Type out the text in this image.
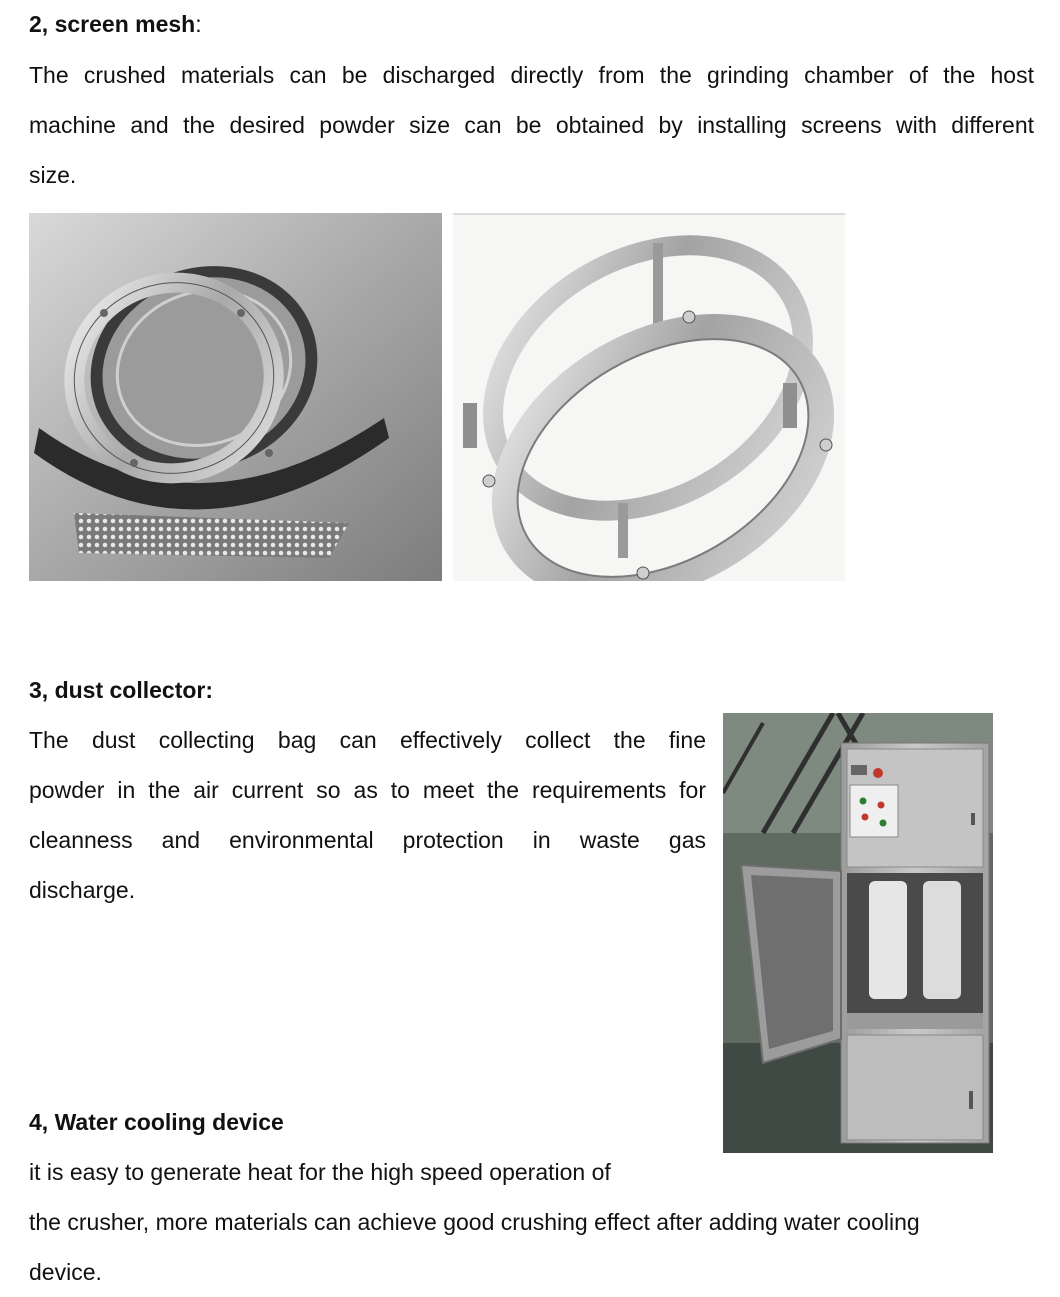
2, screen mesh:
The crushed materials can be discharged directly from the grinding chamber of the host
machine and the desired powder size can be obtained by installing screens with different
size.
3, dust collector:
The dust collecting bag can effectively collect the fine
powder in the air current so as to meet the requirements for
cleanness and environmental protection in waste gas
discharge.
4, Water cooling device
it is easy to generate heat for the high speed operation of
the crusher, more materials can achieve good crushing effect after adding water cooling
device.
